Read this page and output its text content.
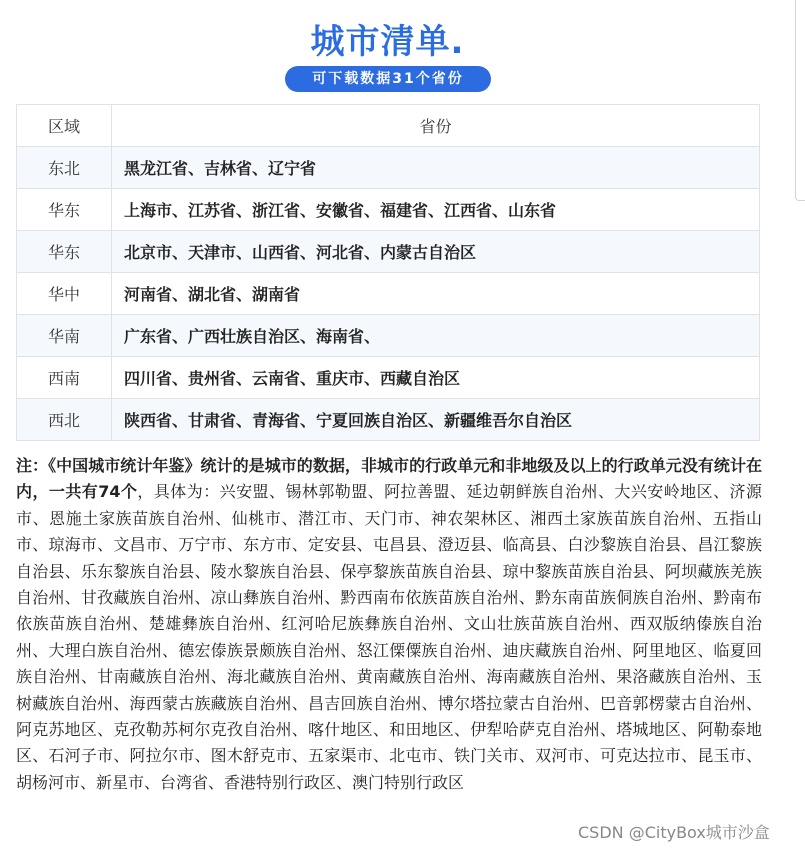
城市清单.
可下载数据31个省份
区域	省份
东北	黑龙江省、吉林省、辽宁省
华东	上海市、江苏省、浙江省、安徽省、福建省、江西省、山东省
华东	北京市、天津市、山西省、河北省、内蒙古自治区
华中	河南省、湖北省、湖南省
华南	广东省、广西壮族自治区、海南省、
西南	四川省、贵州省、云南省、重庆市、西藏自治区
西北	陕西省、甘肃省、青海省、宁夏回族自治区、新疆维吾尔自治区
注：《中国城市统计年鉴》统计的是城市的数据，非城市的行政单元和非地级及以上的行政单元没有统计在内，一共有74个，具体为：兴安盟、锡林郭勒盟、阿拉善盟、延边朝鲜族自治州、大兴安岭地区、济源市、恩施土家族苗族自治州、仙桃市、潜江市、天门市、神农架林区、湘西土家族苗族自治州、五指山市、琼海市、文昌市、万宁市、东方市、定安县、屯昌县、澄迈县、临高县、白沙黎族自治县、昌江黎族自治县、乐东黎族自治县、陵水黎族自治县、保亭黎族苗族自治县、琼中黎族苗族自治县、阿坝藏族羌族自治州、甘孜藏族自治州、凉山彝族自治州、黔西南布依族苗族自治州、黔东南苗族侗族自治州、黔南布依族苗族自治州、楚雄彝族自治州、红河哈尼族彝族自治州、文山壮族苗族自治州、西双版纳傣族自治州、大理白族自治州、德宏傣族景颇族自治州、怒江傈僳族自治州、迪庆藏族自治州、阿里地区、临夏回族自治州、甘南藏族自治州、海北藏族自治州、黄南藏族自治州、海南藏族自治州、果洛藏族自治州、玉树藏族自治州、海西蒙古族藏族自治州、昌吉回族自治州、博尔塔拉蒙古自治州、巴音郭楞蒙古自治州、阿克苏地区、克孜勒苏柯尔克孜自治州、喀什地区、和田地区、伊犁哈萨克自治州、塔城地区、阿勒泰地区、石河子市、阿拉尔市、图木舒克市、五家渠市、北屯市、铁门关市、双河市、可克达拉市、昆玉市、胡杨河市、新星市、台湾省、香港特别行政区、澳门特别行政区
CSDN @CityBox城市沙盒
